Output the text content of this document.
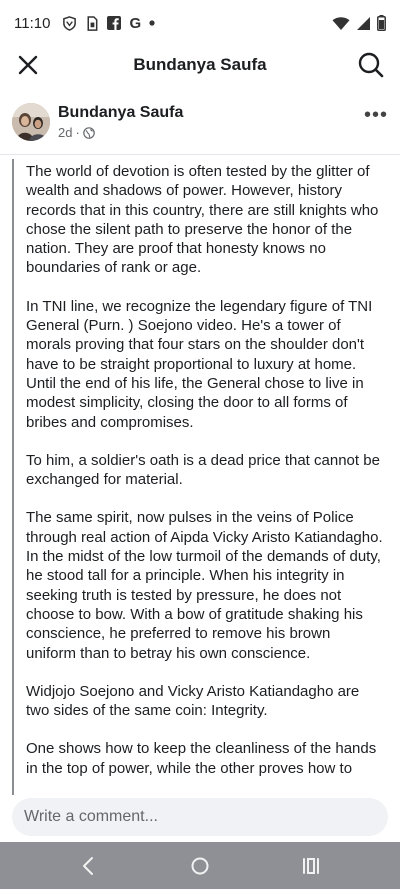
11:10	G
Bundanya Saufa
Bundanya Saufa
2d ·
•••

The world of devotion is often tested by the glitter of wealth and shadows of power. However, history records that in this country, there are still knights who chose the silent path to preserve the honor of the nation. They are proof that honesty knows no boundaries of rank or age.

In TNI line, we recognize the legendary figure of TNI General (Purn. ) Soejono video. He's a tower of morals proving that four stars on the shoulder don't have to be straight proportional to luxury at home. Until the end of his life, the General chose to live in modest simplicity, closing the door to all forms of bribes and compromises.

To him, a soldier's oath is a dead price that cannot be exchanged for material.

The same spirit, now pulses in the veins of Police through real action of Aipda Vicky Aristo Katiandagho. In the midst of the low turmoil of the demands of duty, he stood tall for a principle. When his integrity in seeking truth is tested by pressure, he does not choose to bow. With a bow of gratitude shaking his conscience, he preferred to remove his brown uniform than to betray his own conscience.

Widjojo Soejono and Vicky Aristo Katiandagho are two sides of the same coin: Integrity.

One shows how to keep the cleanliness of the hands in the top of power, while the other proves how to

Write a comment...
